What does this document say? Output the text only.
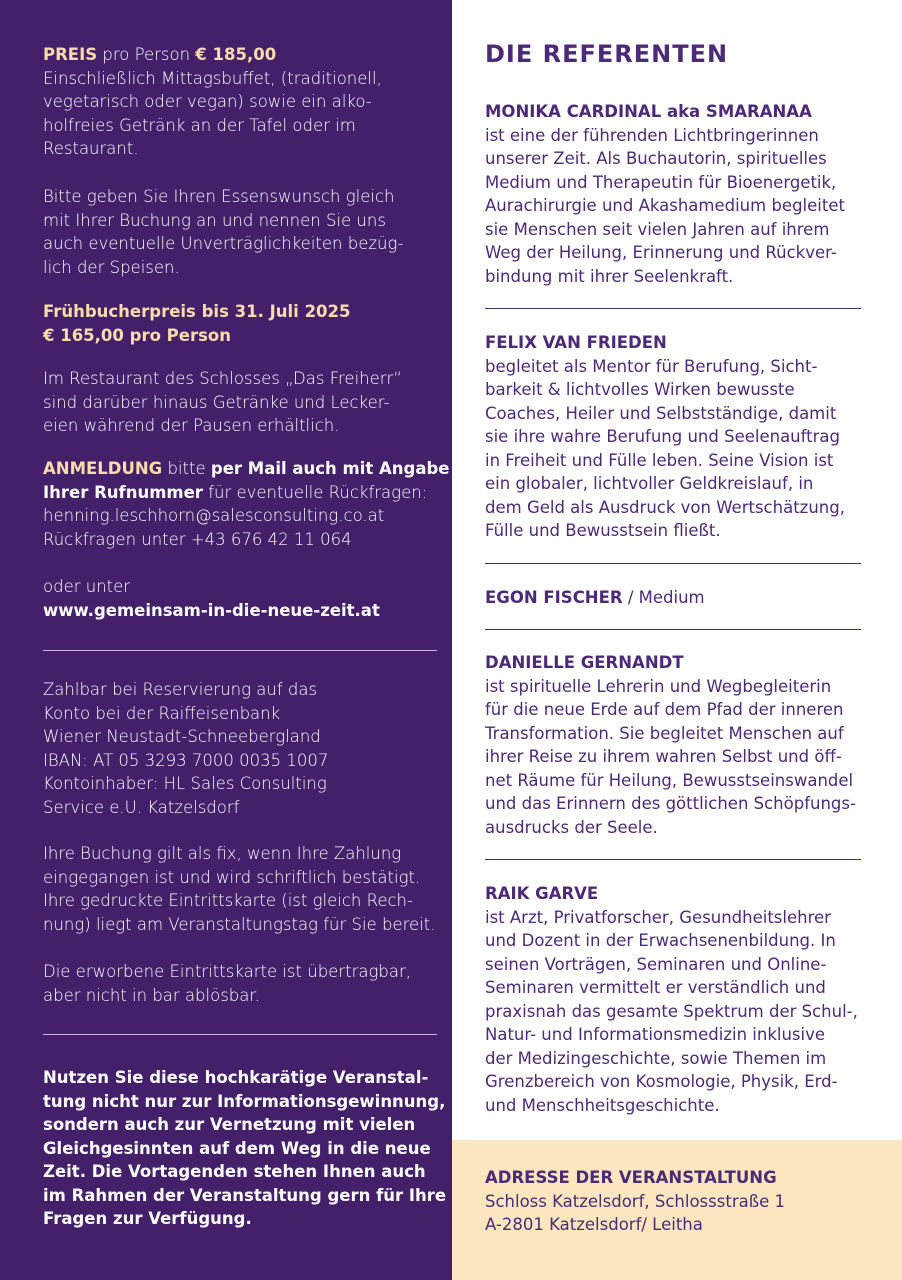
PREIS pro Person € 185,00
Einschließlich Mittagsbuffet, (traditionell,
vegetarisch oder vegan) sowie ein alko-
holfreies Getränk an der Tafel oder im
Restaurant.
Bitte geben Sie Ihren Essenswunsch gleich
mit Ihrer Buchung an und nennen Sie uns
auch eventuelle Unverträglichkeiten bezüg-
lich der Speisen.
Frühbucherpreis bis 31. Juli 2025
€ 165,00 pro Person
Im Restaurant des Schlosses „Das Freiherr“
sind darüber hinaus Getränke und Lecker-
eien während der Pausen erhältlich.
ANMELDUNG bitte per Mail auch mit Angabe
Ihrer Rufnummer für eventuelle Rückfragen:
henning.leschhorn@salesconsulting.co.at
Rückfragen unter +43 676 42 11 064
oder unter
www.gemeinsam-in-die-neue-zeit.at
Zahlbar bei Reservierung auf das
Konto bei der Raiffeisenbank
Wiener Neustadt-Schneebergland
IBAN: AT 05 3293 7000 0035 1007
Kontoinhaber: HL Sales Consulting
Service e.U. Katzelsdorf
Ihre Buchung gilt als fix, wenn Ihre Zahlung
eingegangen ist und wird schriftlich bestätigt.
Ihre gedruckte Eintrittskarte (ist gleich Rech-
nung) liegt am Veranstaltungstag für Sie bereit.
Die erworbene Eintrittskarte ist übertragbar,
aber nicht in bar ablösbar.
Nutzen Sie diese hochkarätige Veranstal-
tung nicht nur zur Informationsgewinnung,
sondern auch zur Vernetzung mit vielen
Gleichgesinnten auf dem Weg in die neue
Zeit. Die Vortagenden stehen Ihnen auch
im Rahmen der Veranstaltung gern für Ihre
Fragen zur Verfügung.
DIE REFERENTEN
MONIKA CARDINAL aka SMARANAA
ist eine der führenden Lichtbringerinnen
unserer Zeit. Als Buchautorin, spirituelles
Medium und Therapeutin für Bioenergetik,
Aurachirurgie und Akashamedium begleitet
sie Menschen seit vielen Jahren auf ihrem
Weg der Heilung, Erinnerung und Rückver-
bindung mit ihrer Seelenkraft.
FELIX VAN FRIEDEN
begleitet als Mentor für Berufung, Sicht-
barkeit & lichtvolles Wirken bewusste
Coaches, Heiler und Selbstständige, damit
sie ihre wahre Berufung und Seelenauftrag
in Freiheit und Fülle leben. Seine Vision ist
ein globaler, lichtvoller Geldkreislauf, in
dem Geld als Ausdruck von Wertschätzung,
Fülle und Bewusstsein fließt.
EGON FISCHER / Medium
DANIELLE GERNANDT
ist spirituelle Lehrerin und Wegbegleiterin
für die neue Erde auf dem Pfad der inneren
Transformation. Sie begleitet Menschen auf
ihrer Reise zu ihrem wahren Selbst und öff-
net Räume für Heilung, Bewusstseinswandel
und das Erinnern des göttlichen Schöpfungs-
ausdrucks der Seele.
RAIK GARVE
ist Arzt, Privatforscher, Gesundheitslehrer
und Dozent in der Erwachsenenbildung. In
seinen Vorträgen, Seminaren und Online-
Seminaren vermittelt er verständlich und
praxisnah das gesamte Spektrum der Schul-,
Natur- und Informationsmedizin inklusive
der Medizingeschichte, sowie Themen im
Grenzbereich von Kosmologie, Physik, Erd-
und Menschheitsgeschichte.
ADRESSE DER VERANSTALTUNG
Schloss Katzelsdorf, Schlossstraße 1
A-2801 Katzelsdorf/ Leitha
